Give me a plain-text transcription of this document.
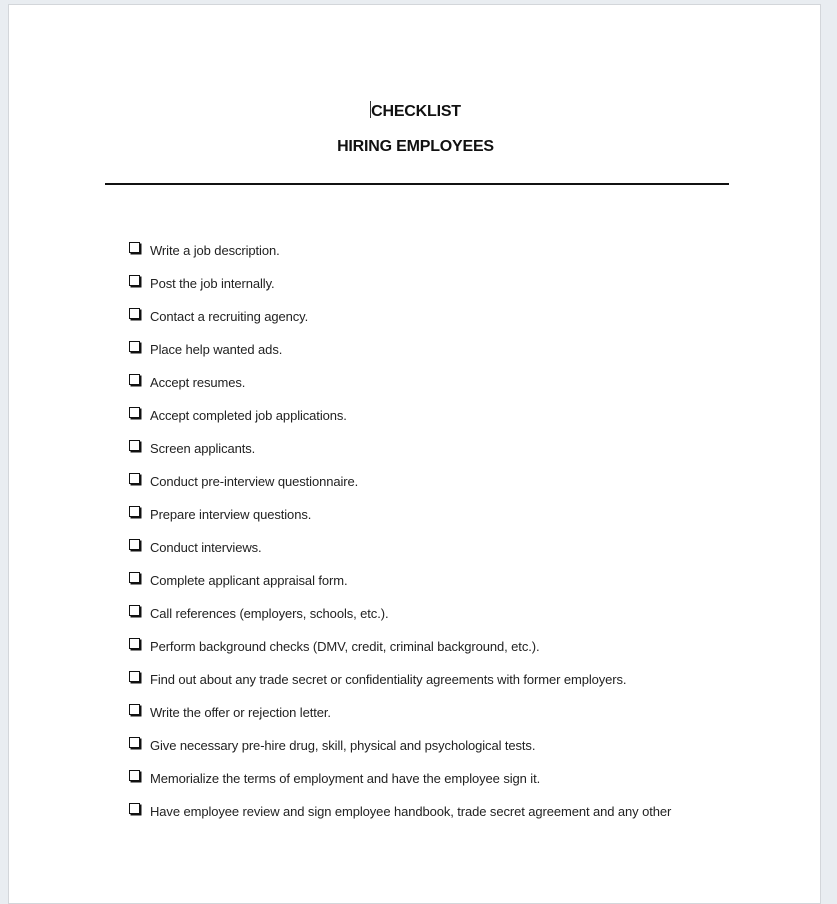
CHECKLIST
HIRING EMPLOYEES
Write a job description.
Post the job internally.
Contact a recruiting agency.
Place help wanted ads.
Accept resumes.
Accept completed job applications.
Screen applicants.
Conduct pre-interview questionnaire.
Prepare interview questions.
Conduct interviews.
Complete applicant appraisal form.
Call references (employers, schools, etc.).
Perform background checks (DMV, credit, criminal background, etc.).
Find out about any trade secret or confidentiality agreements with former employers.
Write the offer or rejection letter.
Give necessary pre-hire drug, skill, physical and psychological tests.
Memorialize the terms of employment and have the employee sign it.
Have employee review and sign employee handbook, trade secret agreement and any other
